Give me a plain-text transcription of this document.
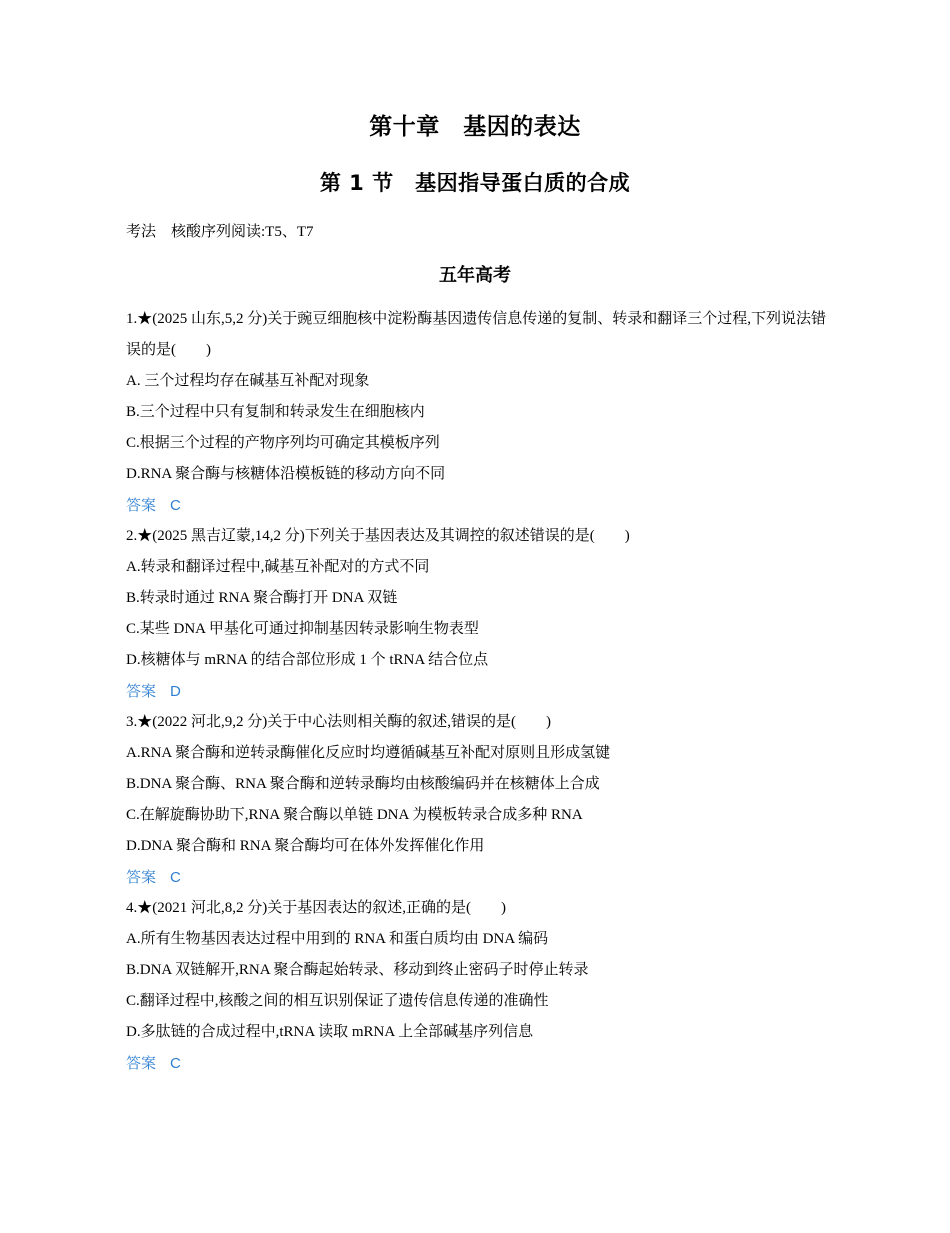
第十章　基因的表达
第 1 节　基因指导蛋白质的合成
考法　核酸序列阅读:T5、T7
五年高考
1.★(2025 山东,5,2 分)关于豌豆细胞核中淀粉酶基因遗传信息传递的复制、转录和翻译三个过程,下列说法错误的是(　　)
A. 三个过程均存在碱基互补配对现象
B.三个过程中只有复制和转录发生在细胞核内
C.根据三个过程的产物序列均可确定其模板序列
D.RNA 聚合酶与核糖体沿模板链的移动方向不同
答案 C
2.★(2025 黑吉辽蒙,14,2 分)下列关于基因表达及其调控的叙述错误的是(　　)
A.转录和翻译过程中,碱基互补配对的方式不同
B.转录时通过 RNA 聚合酶打开 DNA 双链
C.某些 DNA 甲基化可通过抑制基因转录影响生物表型
D.核糖体与 mRNA 的结合部位形成 1 个 tRNA 结合位点
答案 D
3.★(2022 河北,9,2 分)关于中心法则相关酶的叙述,错误的是(　　)
A.RNA 聚合酶和逆转录酶催化反应时均遵循碱基互补配对原则且形成氢键
B.DNA 聚合酶、RNA 聚合酶和逆转录酶均由核酸编码并在核糖体上合成
C.在解旋酶协助下,RNA 聚合酶以单链 DNA 为模板转录合成多种 RNA
D.DNA 聚合酶和 RNA 聚合酶均可在体外发挥催化作用
答案 C
4.★(2021 河北,8,2 分)关于基因表达的叙述,正确的是(　　)
A.所有生物基因表达过程中用到的 RNA 和蛋白质均由 DNA 编码
B.DNA 双链解开,RNA 聚合酶起始转录、移动到终止密码子时停止转录
C.翻译过程中,核酸之间的相互识别保证了遗传信息传递的准确性
D.多肽链的合成过程中,tRNA 读取 mRNA 上全部碱基序列信息
答案 C
